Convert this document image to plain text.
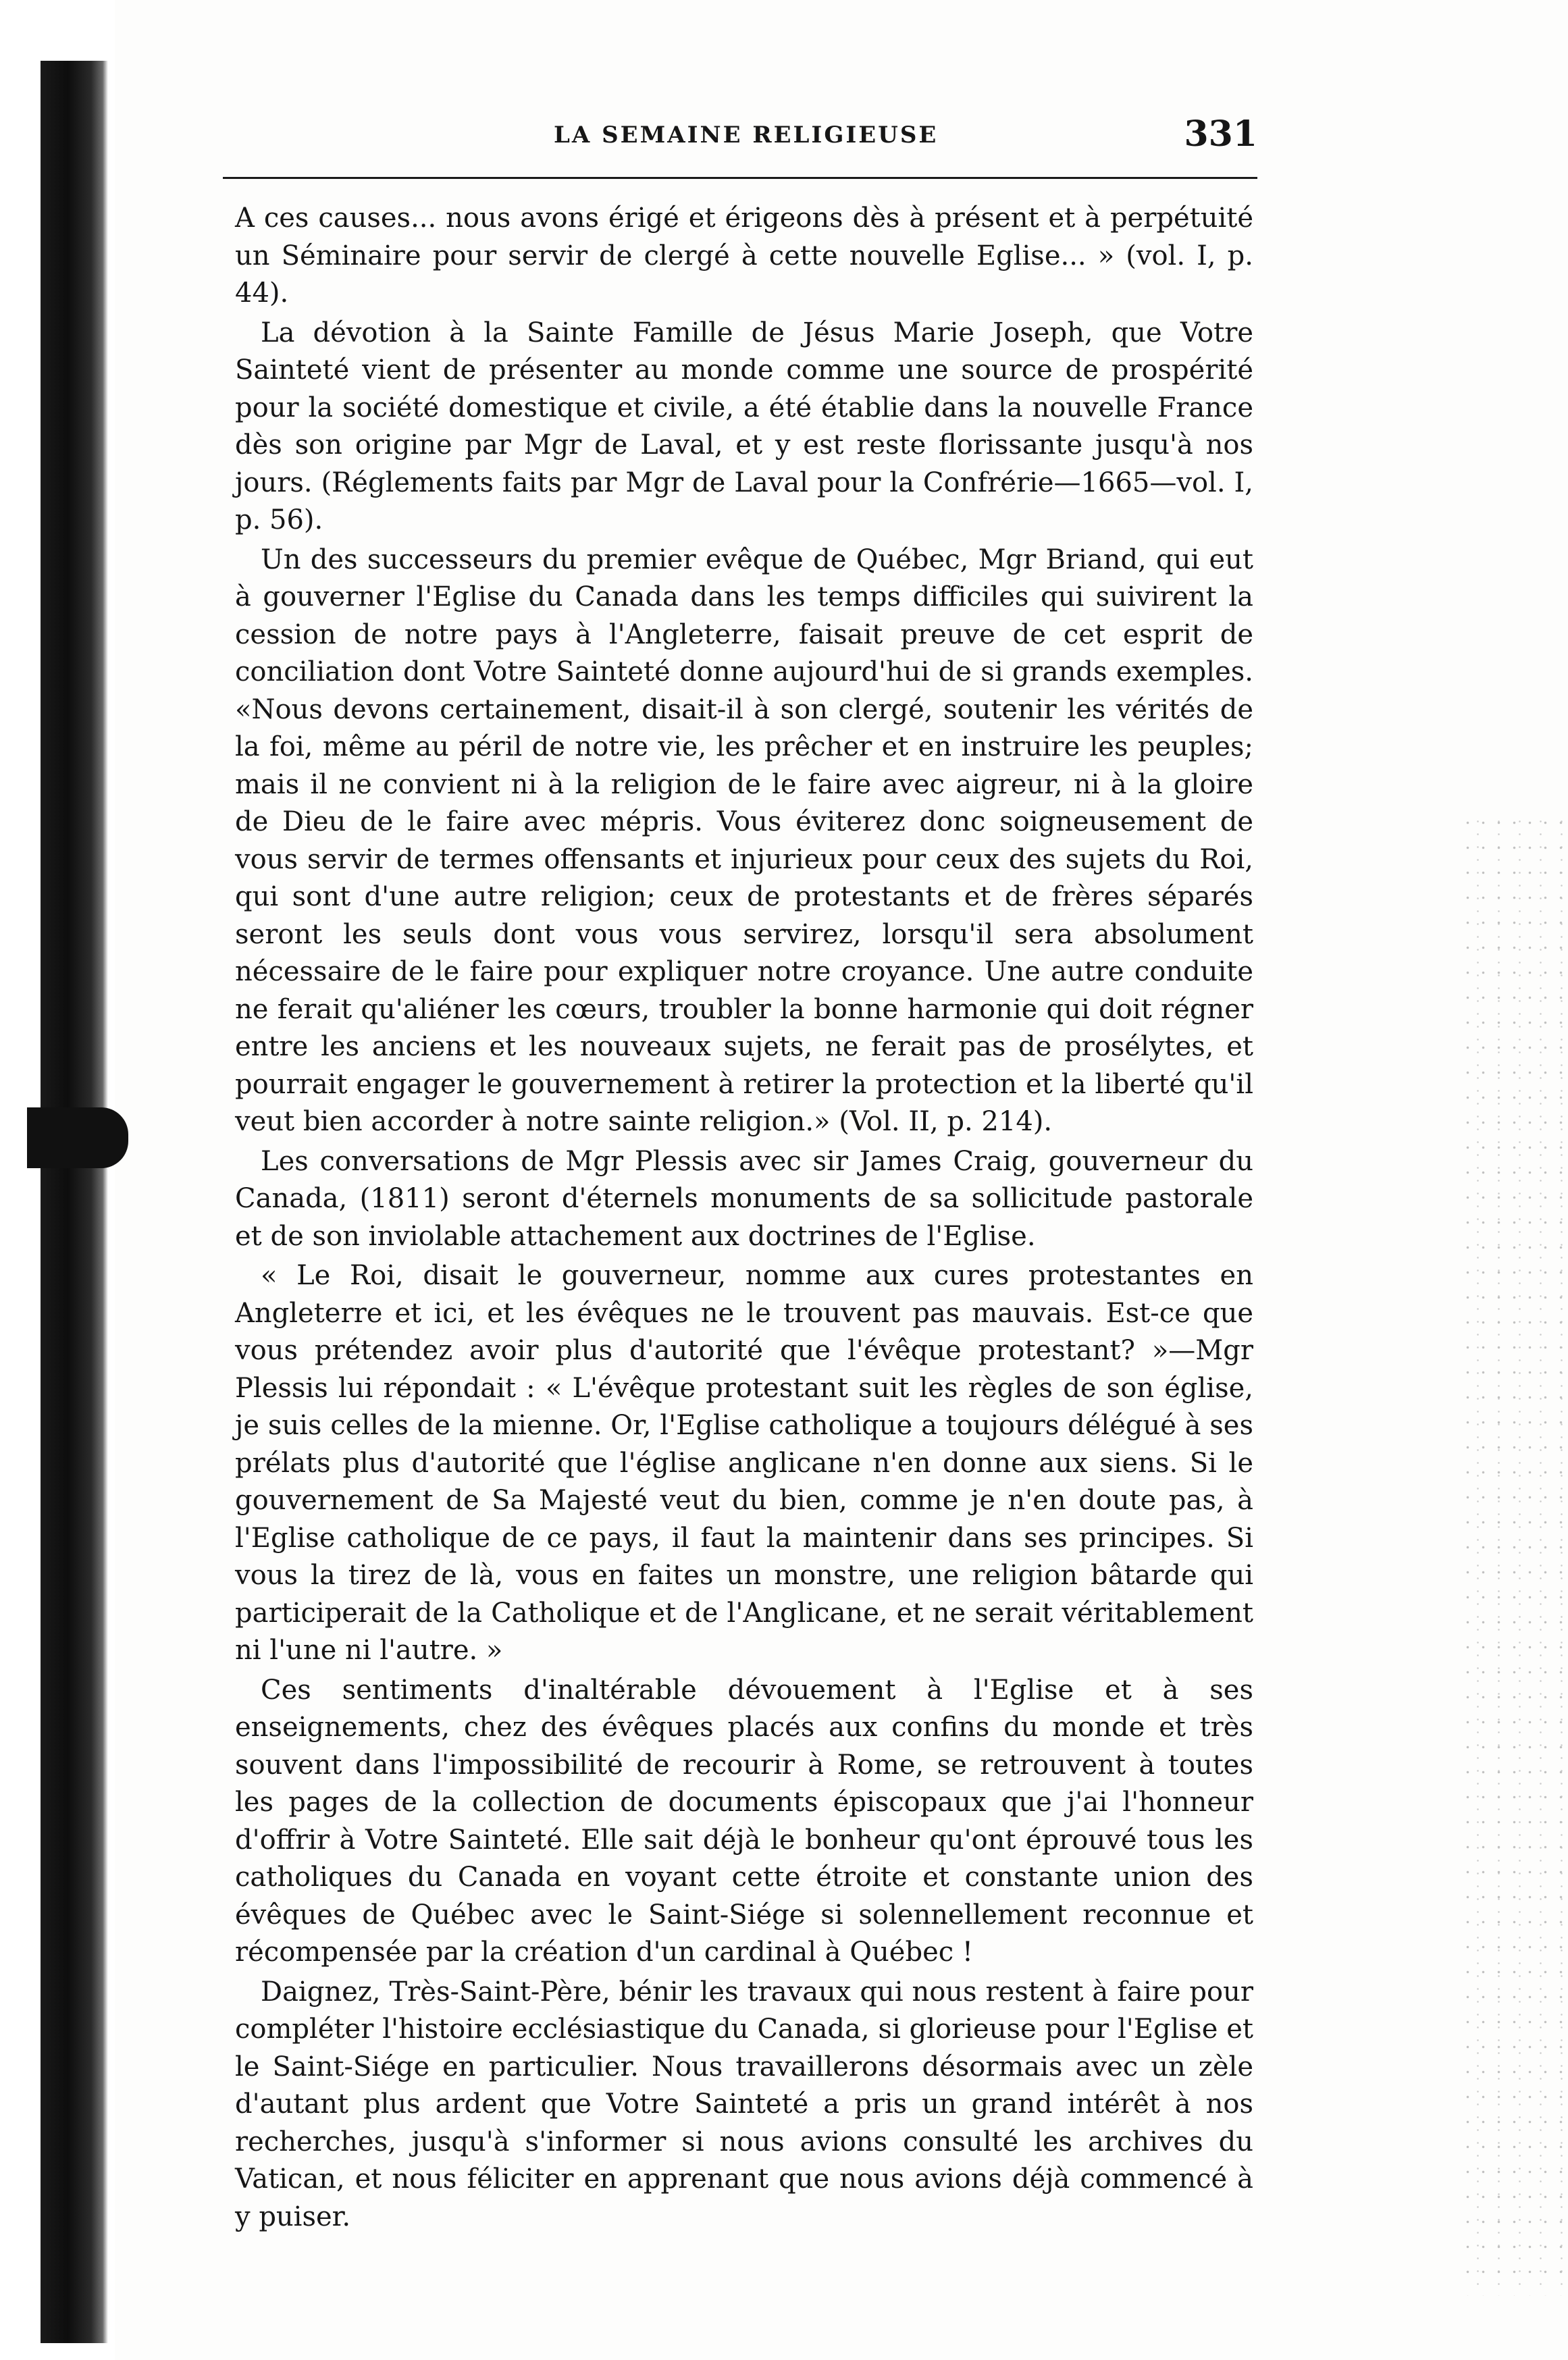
LA SEMAINE RELIGIEUSE	331

A ces causes... nous avons érigé et érigeons dès à présent et à perpétuité un Séminaire pour servir de clergé à cette nouvelle Eglise... » (vol. I, p. 44).

La dévotion à la Sainte Famille de Jésus Marie Joseph, que Votre Sainteté vient de présenter au monde comme une source de prospérité pour la société domestique et civile, a été établie dans la nouvelle France dès son origine par Mgr de Laval, et y est reste florissante jusqu'à nos jours. (Réglements faits par Mgr de Laval pour la Confrérie—1665—vol. I, p. 56).

Un des successeurs du premier evêque de Québec, Mgr Briand, qui eut à gouverner l'Eglise du Canada dans les temps difficiles qui suivirent la cession de notre pays à l'Angleterre, faisait preuve de cet esprit de conciliation dont Votre Sainteté donne aujourd'hui de si grands exemples. «Nous devons certainement, disait-il à son clergé, soutenir les vérités de la foi, même au péril de notre vie, les prêcher et en instruire les peuples; mais il ne convient ni à la religion de le faire avec aigreur, ni à la gloire de Dieu de le faire avec mépris. Vous éviterez donc soigneusement de vous servir de termes offensants et injurieux pour ceux des sujets du Roi, qui sont d'une autre religion; ceux de protestants et de frères séparés seront les seuls dont vous vous servirez, lorsqu'il sera absolument nécessaire de le faire pour expliquer notre croyance. Une autre conduite ne ferait qu'aliéner les cœurs, troubler la bonne harmonie qui doit régner entre les anciens et les nouveaux sujets, ne ferait pas de prosélytes, et pourrait engager le gouvernement à retirer la protection et la liberté qu'il veut bien accorder à notre sainte religion.» (Vol. II, p. 214).

Les conversations de Mgr Plessis avec sir James Craig, gouverneur du Canada, (1811) seront d'éternels monuments de sa sollicitude pastorale et de son inviolable attachement aux doctrines de l'Eglise.

« Le Roi, disait le gouverneur, nomme aux cures protestantes en Angleterre et ici, et les évêques ne le trouvent pas mauvais. Est-ce que vous prétendez avoir plus d'autorité que l'évêque protestant? »—Mgr Plessis lui répondait : « L'évêque protestant suit les règles de son église, je suis celles de la mienne. Or, l'Eglise catholique a toujours délégué à ses prélats plus d'autorité que l'église anglicane n'en donne aux siens. Si le gouvernement de Sa Majesté veut du bien, comme je n'en doute pas, à l'Eglise catholique de ce pays, il faut la maintenir dans ses principes. Si vous la tirez de là, vous en faites un monstre, une religion bâtarde qui participerait de la Catholique et de l'Anglicane, et ne serait véritablement ni l'une ni l'autre. »

Ces sentiments d'inaltérable dévouement à l'Eglise et à ses enseignements, chez des évêques placés aux confins du monde et très souvent dans l'impossibilité de recourir à Rome, se retrouvent à toutes les pages de la collection de documents épiscopaux que j'ai l'honneur d'offrir à Votre Sainteté. Elle sait déjà le bonheur qu'ont éprouvé tous les catholiques du Canada en voyant cette étroite et constante union des évêques de Québec avec le Saint-Siége si solennellement reconnue et récompensée par la création d'un cardinal à Québec !

Daignez, Très-Saint-Père, bénir les travaux qui nous restent à faire pour compléter l'histoire ecclésiastique du Canada, si glorieuse pour l'Eglise et le Saint-Siége en particulier. Nous travaillerons désormais avec un zèle d'autant plus ardent que Votre Sainteté a pris un grand intérêt à nos recherches, jusqu'à s'informer si nous avions consulté les archives du Vatican, et nous féliciter en apprenant que nous avions déjà commencé à y puiser.
